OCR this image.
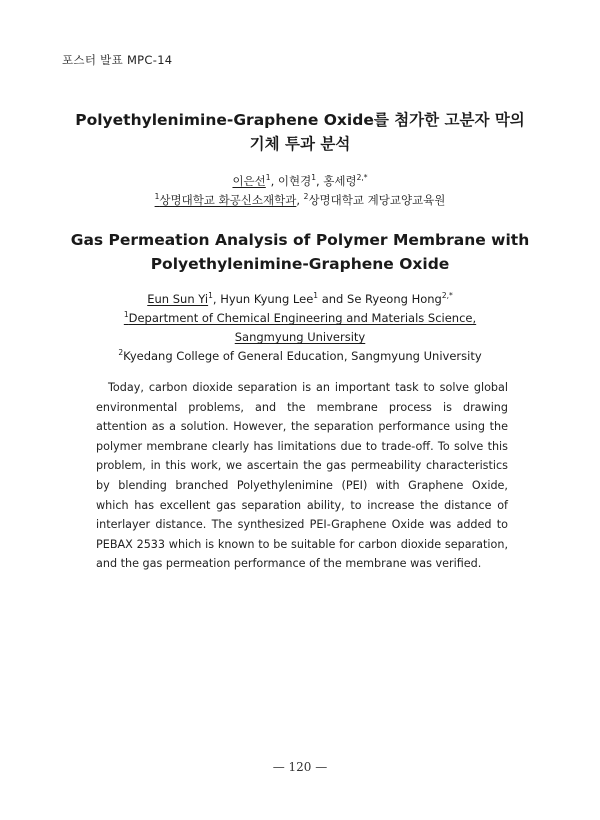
포스터 발표 MPC-14
Polyethylenimine-Graphene Oxide를 첨가한 고분자 막의
기체 투과 분석
이은선$^1$, 이현경$^1$, 홍세령$^{2,*}$
$^1$상명대학교 화공신소재학과, $^2$상명대학교 계당교양교육원
Gas Permeation Analysis of Polymer Membrane with
Polyethylenimine-Graphene Oxide
Eun Sun Yi$^1$, Hyun Kyung Lee$^1$ and Se Ryeong Hong$^{2,*}$
$^1$Department of Chemical Engineering and Materials Science,
Sangmyung University
$^2$Kyedang College of General Education, Sangmyung University
Today, carbon dioxide separation is an important task to solve global environmental problems, and the membrane process is drawing attention as a solution. However, the separation performance using the polymer membrane clearly has limitations due to trade-off. To solve this problem, in this work, we ascertain the gas permeability characteristics by blending branched Polyethylenimine (PEI) with Graphene Oxide, which has excellent gas separation ability, to increase the distance of interlayer distance. The synthesized PEI-Graphene Oxide was added to PEBAX 2533 which is known to be suitable for carbon dioxide separation, and the gas permeation performance of the membrane was verified.
— 120 —
